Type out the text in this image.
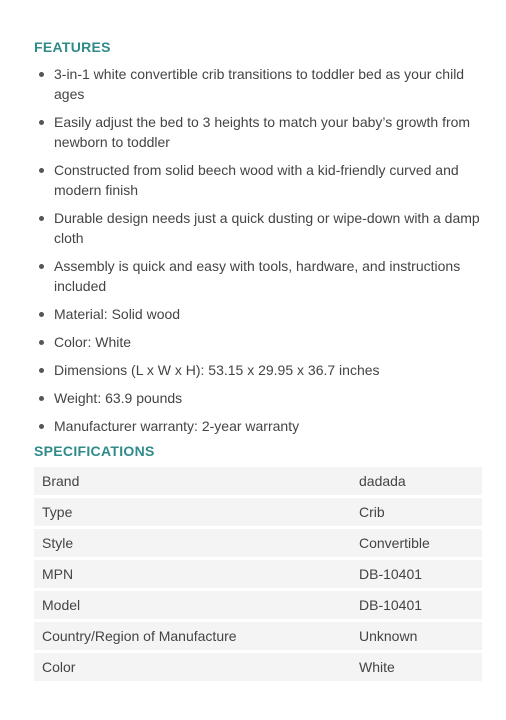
FEATURES
3-in-1 white convertible crib transitions to toddler bed as your child ages
Easily adjust the bed to 3 heights to match your baby’s growth from newborn to toddler
Constructed from solid beech wood with a kid-friendly curved and modern finish
Durable design needs just a quick dusting or wipe-down with a damp cloth
Assembly is quick and easy with tools, hardware, and instructions included
Material: Solid wood
Color: White
Dimensions (L x W x H): 53.15 x 29.95 x 36.7 inches
Weight: 63.9 pounds
Manufacturer warranty: 2-year warranty
SPECIFICATIONS
Brand	dadada
Type	Crib
Style	Convertible
MPN	DB-10401
Model	DB-10401
Country/Region of Manufacture	Unknown
Color	White
